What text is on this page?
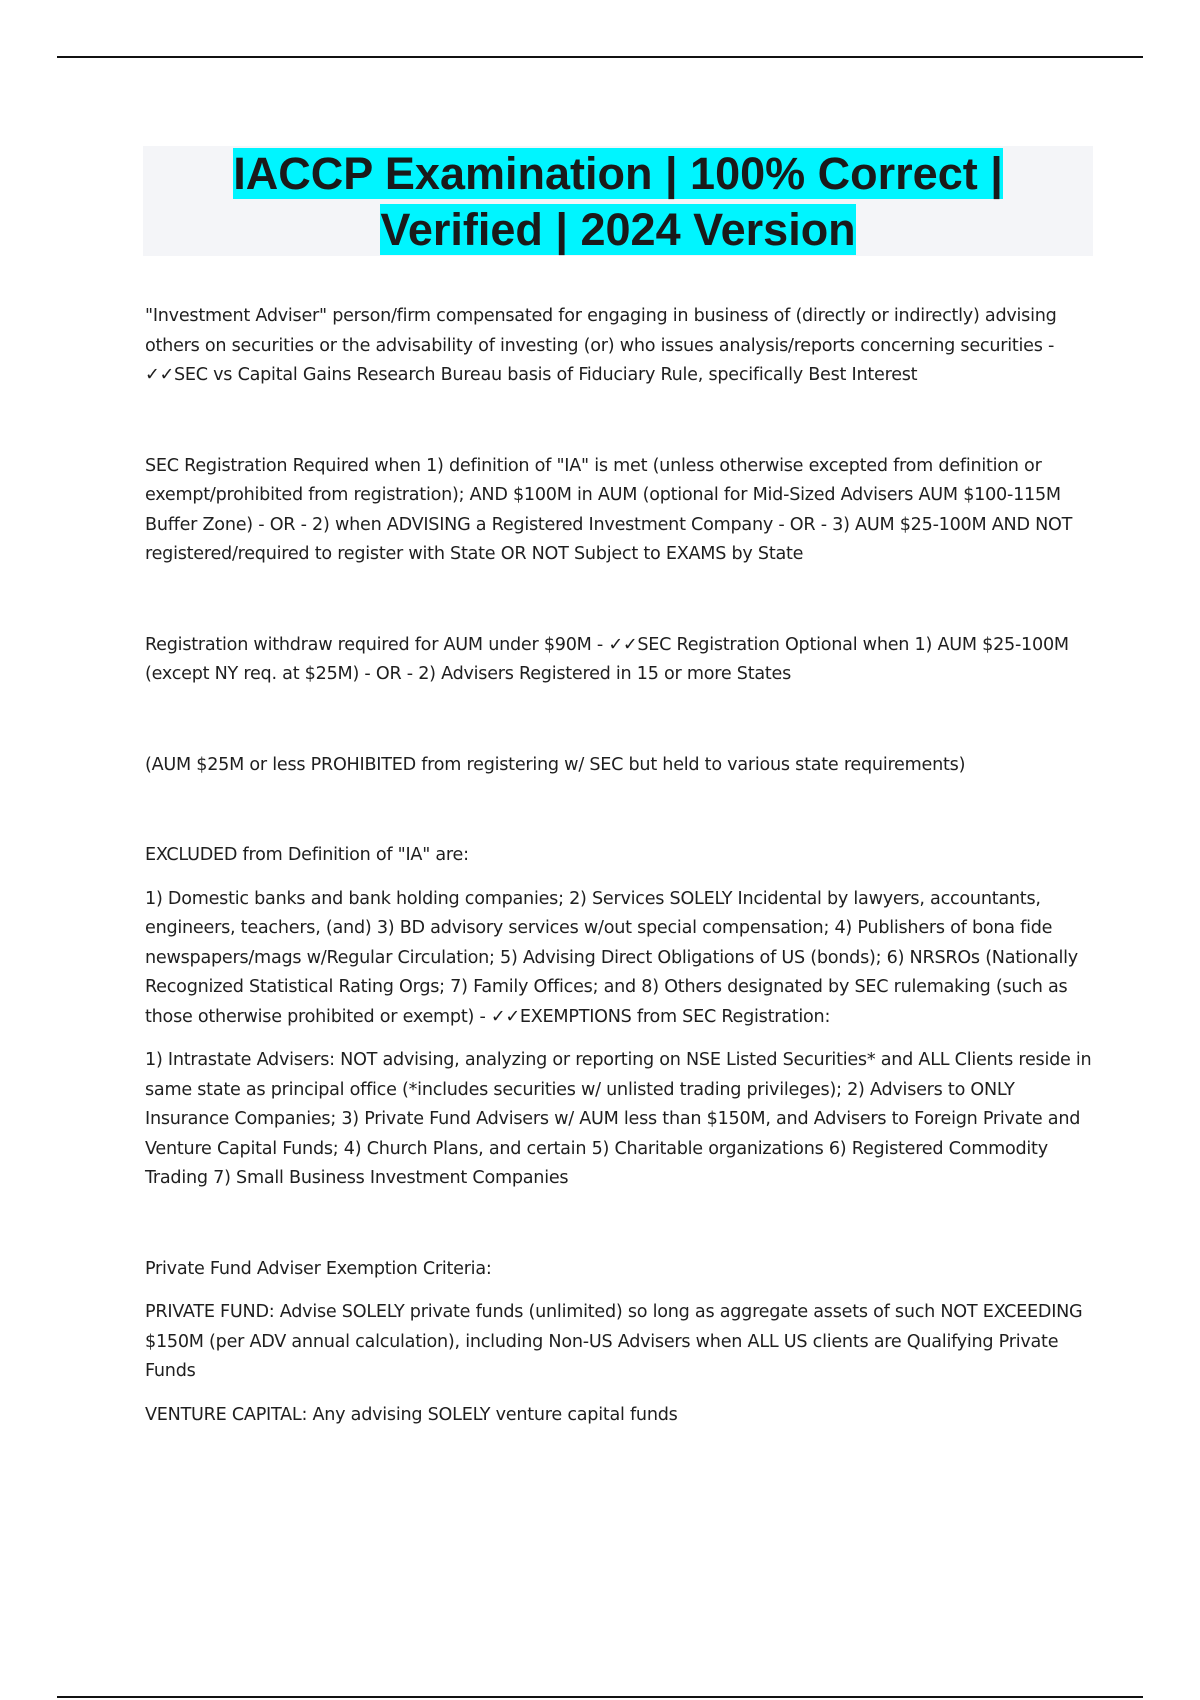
IACCP Examination | 100% Correct |
Verified | 2024 Version

"Investment Adviser" person/firm compensated for engaging in business of (directly or indirectly) advising others on securities or the advisability of investing (or) who issues analysis/reports concerning securities - ✓✓SEC vs Capital Gains Research Bureau basis of Fiduciary Rule, specifically Best Interest

SEC Registration Required when 1) definition of "IA" is met (unless otherwise excepted from definition or exempt/prohibited from registration); AND $100M in AUM (optional for Mid-Sized Advisers AUM $100-115M Buffer Zone) - OR - 2) when ADVISING a Registered Investment Company - OR - 3) AUM $25-100M AND NOT registered/required to register with State OR NOT Subject to EXAMS by State

Registration withdraw required for AUM under $90M - ✓✓SEC Registration Optional when 1) AUM $25-100M (except NY req. at $25M) - OR - 2) Advisers Registered in 15 or more States

(AUM $25M or less PROHIBITED from registering w/ SEC but held to various state requirements)

EXCLUDED from Definition of "IA" are:

1) Domestic banks and bank holding companies; 2) Services SOLELY Incidental by lawyers, accountants, engineers, teachers, (and) 3) BD advisory services w/out special compensation; 4) Publishers of bona fide newspapers/mags w/Regular Circulation; 5) Advising Direct Obligations of US (bonds); 6) NRSROs (Nationally Recognized Statistical Rating Orgs; 7) Family Offices; and 8) Others designated by SEC rulemaking (such as those otherwise prohibited or exempt) - ✓✓EXEMPTIONS from SEC Registration:

1) Intrastate Advisers: NOT advising, analyzing or reporting on NSE Listed Securities* and ALL Clients reside in same state as principal office (*includes securities w/ unlisted trading privileges); 2) Advisers to ONLY Insurance Companies; 3) Private Fund Advisers w/ AUM less than $150M, and Advisers to Foreign Private and Venture Capital Funds; 4) Church Plans, and certain 5) Charitable organizations 6) Registered Commodity Trading 7) Small Business Investment Companies

Private Fund Adviser Exemption Criteria:

PRIVATE FUND: Advise SOLELY private funds (unlimited) so long as aggregate assets of such NOT EXCEEDING $150M (per ADV annual calculation), including Non-US Advisers when ALL US clients are Qualifying Private Funds

VENTURE CAPITAL: Any advising SOLELY venture capital funds
